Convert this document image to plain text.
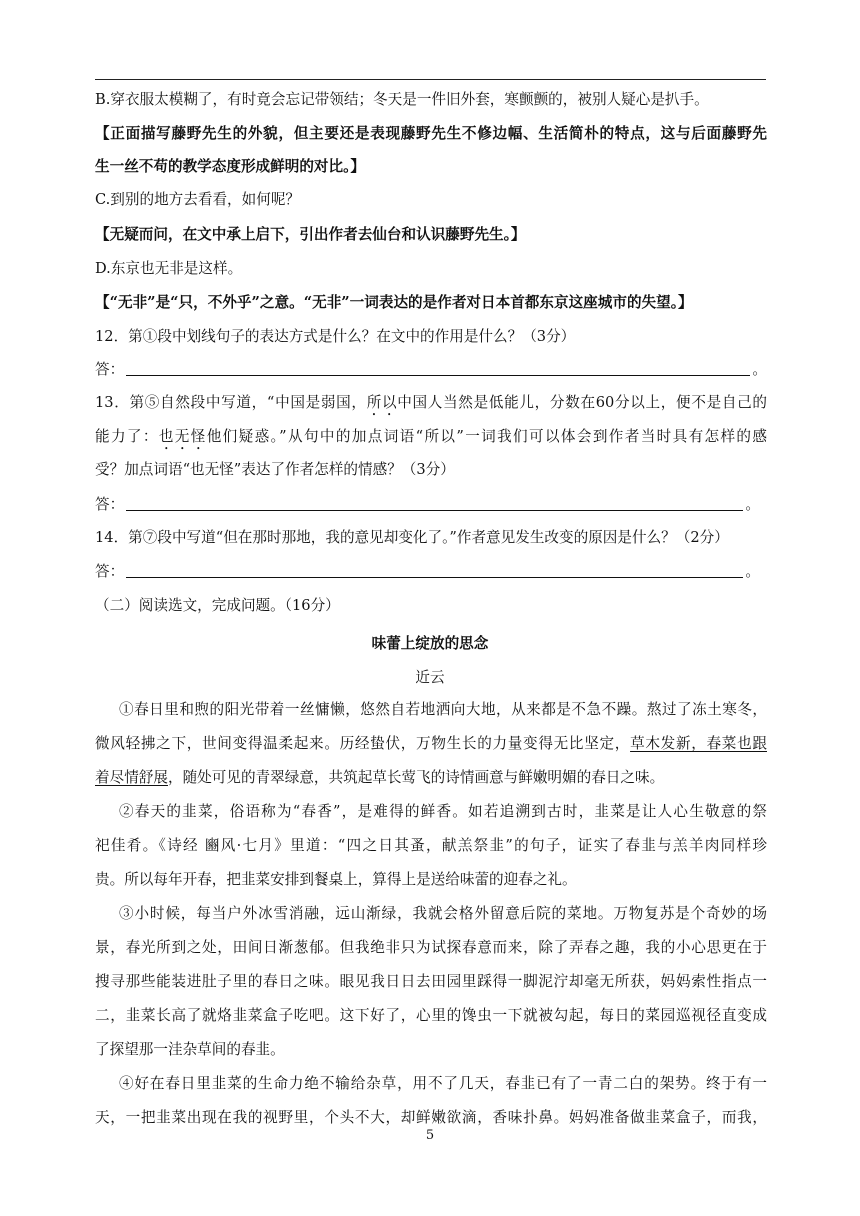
B.穿衣服太模糊了，有时竟会忘记带领结；冬天是一件旧外套，寒颤颤的，被别人疑心是扒手。
【正面描写藤野先生的外貌，但主要还是表现藤野先生不修边幅、生活简朴的特点，这与后面藤野先
生一丝不苟的教学态度形成鲜明的对比。】
C.到别的地方去看看，如何呢？
【无疑而问，在文中承上启下，引出作者去仙台和认识藤野先生。】
D.东京也无非是这样。
【“无非”是“只，不外乎”之意。“无非”一词表达的是作者对日本首都东京这座城市的失望。】
12．第①段中划线句子的表达方式是什么？在文中的作用是什么？（3分）
答：	。
13．第⑤自然段中写道，“中国是弱国，所以中国人当然是低能儿，分数在60分以上，便不是自己的
能力了：也无怪他们疑惑。”从句中的加点词语“所以”一词我们可以体会到作者当时具有怎样的感
受？加点词语“也无怪”表达了作者怎样的情感？（3分）
答：	。
14．第⑦段中写道“但在那时那地，我的意见却变化了。”作者意见发生改变的原因是什么？（2分）
答：	。
（二）阅读选文，完成问题。（16分）
味蕾上绽放的思念
近云
①春日里和煦的阳光带着一丝慵懒，悠然自若地洒向大地，从来都是不急不躁。熬过了冻土寒冬，
微风轻拂之下，世间变得温柔起来。历经蛰伏，万物生长的力量变得无比坚定，草木发新，春菜也跟
着尽情舒展，随处可见的青翠绿意，共筑起草长莺飞的诗情画意与鲜嫩明媚的春日之味。
②春天的韭菜，俗语称为“春香”，是难得的鲜香。如若追溯到古时，韭菜是让人心生敬意的祭
祀佳肴。《诗经 豳风·七月》里道：“四之日其蚤，献羔祭韭”的句子，证实了春韭与羔羊肉同样珍
贵。所以每年开春，把韭菜安排到餐桌上，算得上是送给味蕾的迎春之礼。
③小时候，每当户外冰雪消融，远山渐绿，我就会格外留意后院的菜地。万物复苏是个奇妙的场
景，春光所到之处，田间日渐葱郁。但我绝非只为试探春意而来，除了弄春之趣，我的小心思更在于
搜寻那些能装进肚子里的春日之味。眼见我日日去田园里踩得一脚泥泞却毫无所获，妈妈索性指点一
二，韭菜长高了就烙韭菜盒子吃吧。这下好了，心里的馋虫一下就被勾起，每日的菜园巡视径直变成
了探望那一洼杂草间的春韭。
④好在春日里韭菜的生命力绝不输给杂草，用不了几天，春韭已有了一青二白的架势。终于有一
天，一把韭菜出现在我的视野里，个头不大，却鲜嫩欲滴，香味扑鼻。妈妈准备做韭菜盒子，而我，
5
